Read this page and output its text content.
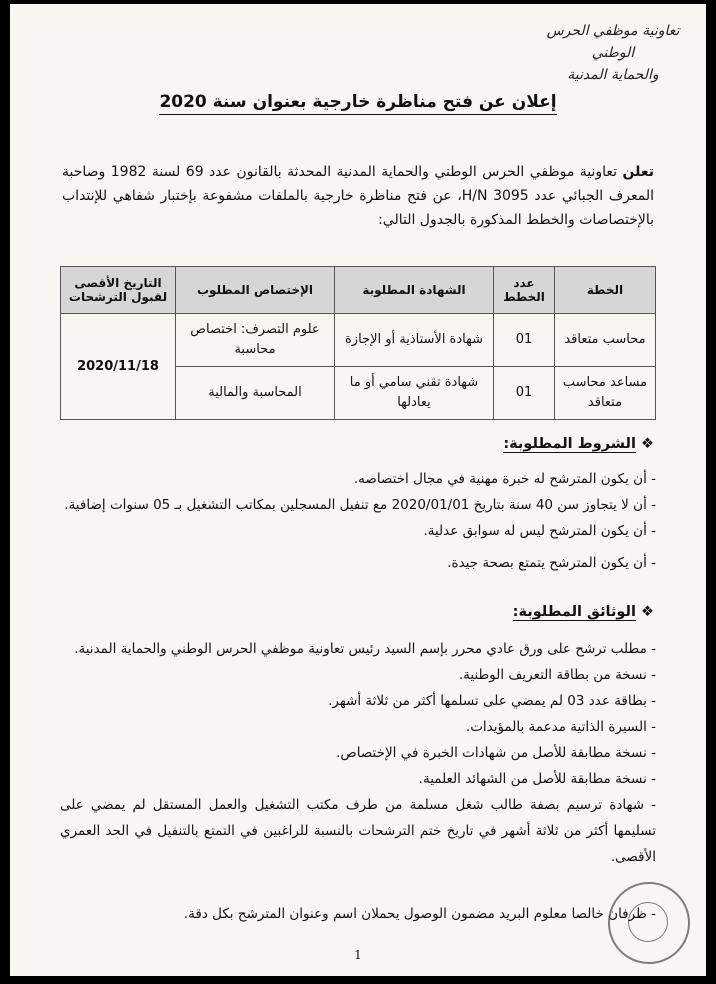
تعاونية موظفي الحرس الوطني
والحماية المدنية
إعلان عن فتح مناظرة خارجية بعنوان سنة 2020
تعلن تعاونية موظفي الحرس الوطني والحماية المدنية المحدثة بالقانون عدد 69 لسنة 1982 وصاحبة المعرف الجبائي عدد 3095 H/N، عن فتح مناظرة خارجية بالملفات مشفوعة بإختبار شفاهي للإنتداب بالإختصاصات والخطط المذكورة بالجدول التالي:
الخطة	عدد الخطط	الشهادة المطلوبة	الإختصاص المطلوب	التاريخ الأقصى لقبول الترشحات
محاسب متعاقد	01	شهادة الأستاذية أو الإجازة	علوم التصرف: اختصاص محاسبة	2020/11/18
مساعد محاسب متعاقد	01	شهادة تقني سامي أو ما يعادلها	المحاسبة والمالية	
❖ الشروط المطلوبة:
- أن يكون المترشح له خبرة مهنية في مجال اختصاصه.
- أن لا يتجاوز سن 40 سنة بتاريخ 2020/01/01 مع تنفيل المسجلين بمكاتب التشغيل بـ 05 سنوات إضافية.
- أن يكون المترشح ليس له سوابق عدلية.
- أن يكون المترشح يتمتع بصحة جيدة.
❖ الوثائق المطلوبة:
- مطلب ترشح على ورق عادي محرر بإسم السيد رئيس تعاونية موظفي الحرس الوطني والحماية المدنية.
- نسخة من بطاقة التعريف الوطنية.
- بطاقة عدد 03 لم يمضي على تسلمها أكثر من ثلاثة أشهر.
- السيرة الذاتية مدعمة بالمؤيدات.
- نسخة مطابقة للأصل من شهادات الخبرة في الإختصاص.
- نسخة مطابقة للأصل من الشهائد العلمية.
- شهادة ترسيم بصفة طالب شغل مسلمة من طرف مكتب التشغيل والعمل المستقل لم يمضي على تسليمها أكثر من ثلاثة أشهر في تاريخ ختم الترشحات بالنسبة للراغبين في التمتع بالتنفيل في الحد العمري الأقصى.
- ظرفان خالصا معلوم البريد مضمون الوصول يحملان اسم وعنوان المترشح بكل دقة.
1
